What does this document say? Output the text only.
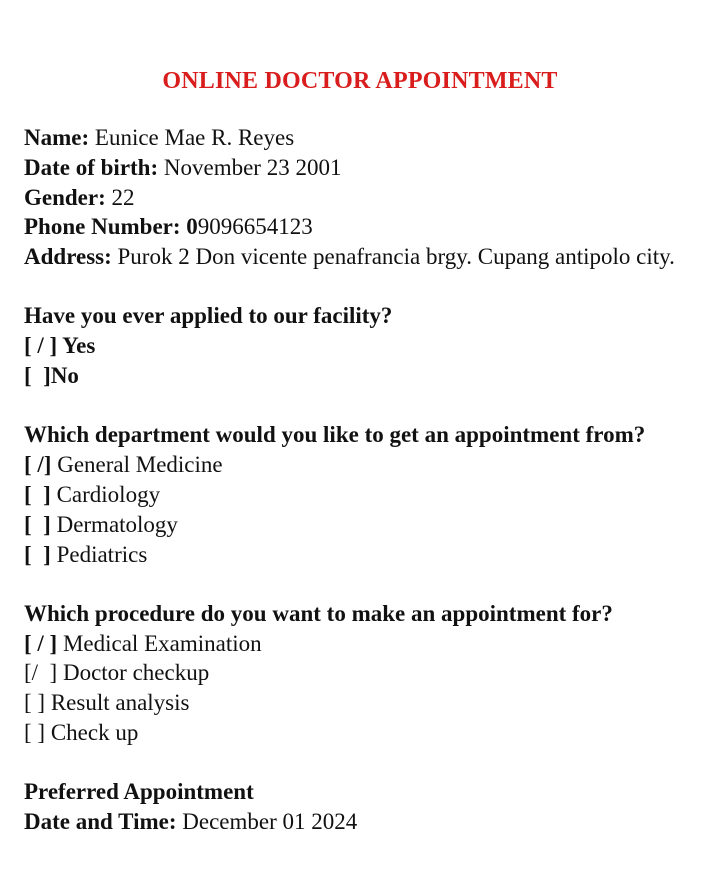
ONLINE DOCTOR APPOINTMENT

Name: Eunice Mae R. Reyes

Date of birth: November 23 2001

Gender: 22

Phone Number: 09096654123

Address: Purok 2 Don vicente penafrancia brgy. Cupang antipolo city.

Have you ever applied to our facility?

[ / ] Yes

[  ]No

Which department would you like to get an appointment from?

[ /] General Medicine

[  ] Cardiology

[  ] Dermatology

[  ] Pediatrics

Which procedure do you want to make an appointment for?

[ / ] Medical Examination

[/  ] Doctor checkup

[ ] Result analysis

[ ] Check up

Preferred Appointment

Date and Time: December 01 2024
